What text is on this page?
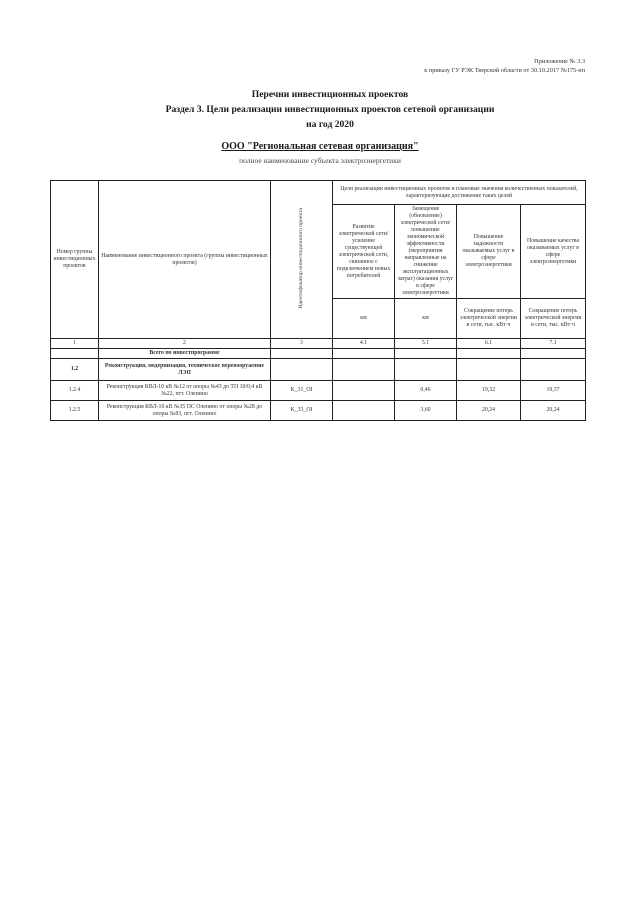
Приложение № 3.3
к приказу ГУ РЭК Тверской области от 30.10.2017 №175-нп
Перечни инвестиционных проектов
Раздел 3. Цели реализации инвестиционных проектов сетевой организации
на год 2020
ООО "Региональная сетевая организация"
полное наименование субъекта электроэнергетики
Номер группы инвестиционных проектов	Наименование инвестиционного проекта (группы инвестиционных проектов)	Идентификатор инвестиционного проекта	Цели реализации инвестиционных проектов и плановые значения количественных показателей, характеризующие достижение таких целей			
			Развитие электрической сети/усиление существующей электрической сети, связанное с подключением новых потребителей	Замещение (обновление) электрической сети/повышение экономической эффективности (мероприятия направленные на снижение эксплуатационных затрат) оказания услуг в сфере электроэнергетики	Повышение надежности оказываемых услуг в сфере электроэнергетики	Повышение качества оказываемых услуг в сфере электроэнергетики
			км	км	Сокращение потерь электрической энергии в сети, тыс. кВт·ч	Сокращение потерь электрической энергии в сети, тыс. кВт·ч
1	2	3	4.1	5.1	6.1	7.1
	Всего по инвестпрограмме					
1.2	Реконструкция, модернизация, техническое перевооружение ЛЭП					
1.2.4	Реконструкция КВЛ-10 кВ №12 от опоры №43 до ТП 10/0,4 кВ №22, пгт. Оленино	K_31_OI		0,46	19,32	19,37
1.2.5	Реконструкция КВЛ-10 кВ №35 ПС Оленино от опоры №28 до опоры №83, пгт. Оленино	K_33_OI		3,60	20,24	20,24
